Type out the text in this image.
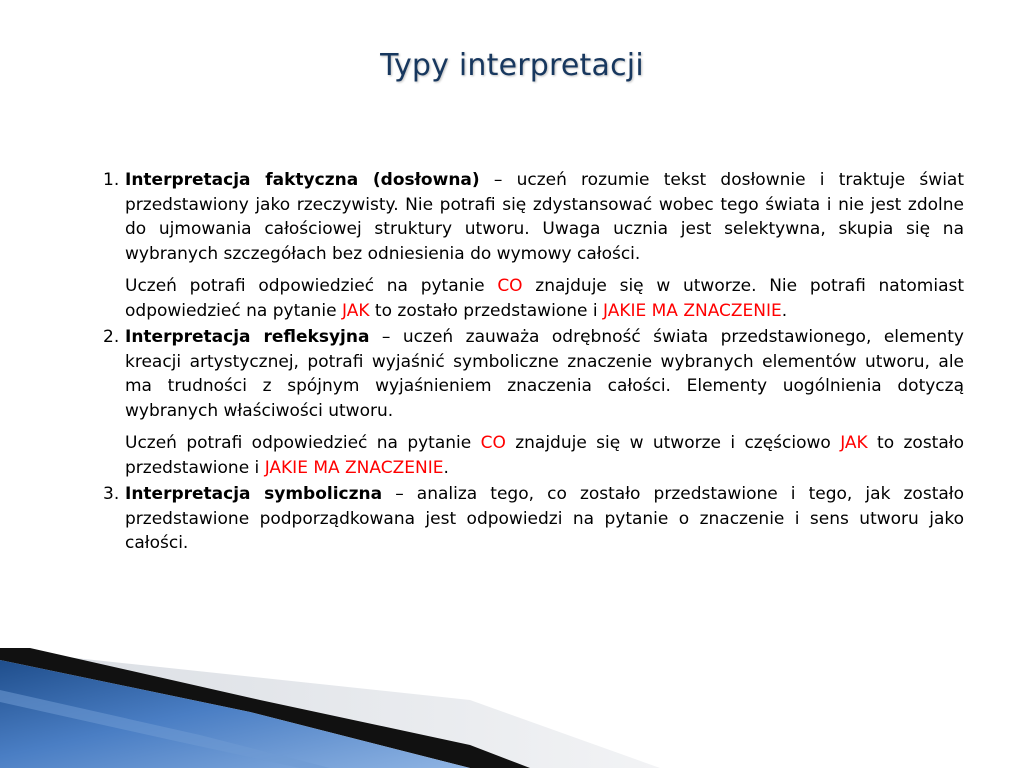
Typy interpretacji
1. Interpretacja faktyczna (dosłowna) – uczeń rozumie tekst dosłownie i traktuje świat przedstawiony jako rzeczywisty. Nie potrafi się zdystansować wobec tego świata i nie jest zdolne do ujmowania całościowej struktury utworu. Uwaga ucznia jest selektywna, skupia się na wybranych szczegółach bez odniesienia do wymowy całości.

Uczeń potrafi odpowiedzieć na pytanie CO znajduje się w utworze. Nie potrafi natomiast odpowiedzieć na pytanie JAK to zostało przedstawione i JAKIE MA ZNACZENIE.

2. Interpretacja refleksyjna – uczeń zauważa odrębność świata przedstawionego, elementy kreacji artystycznej, potrafi wyjaśnić symboliczne znaczenie wybranych elementów utworu, ale ma trudności z spójnym wyjaśnieniem znaczenia całości. Elementy uogólnienia dotyczą wybranych właściwości utworu.

Uczeń potrafi odpowiedzieć na pytanie CO znajduje się w utworze i częściowo JAK to zostało przedstawione i JAKIE MA ZNACZENIE.

3. Interpretacja symboliczna – analiza tego, co zostało przedstawione i tego, jak zostało przedstawione podporządkowana jest odpowiedzi na pytanie o znaczenie i sens utworu jako całości.
